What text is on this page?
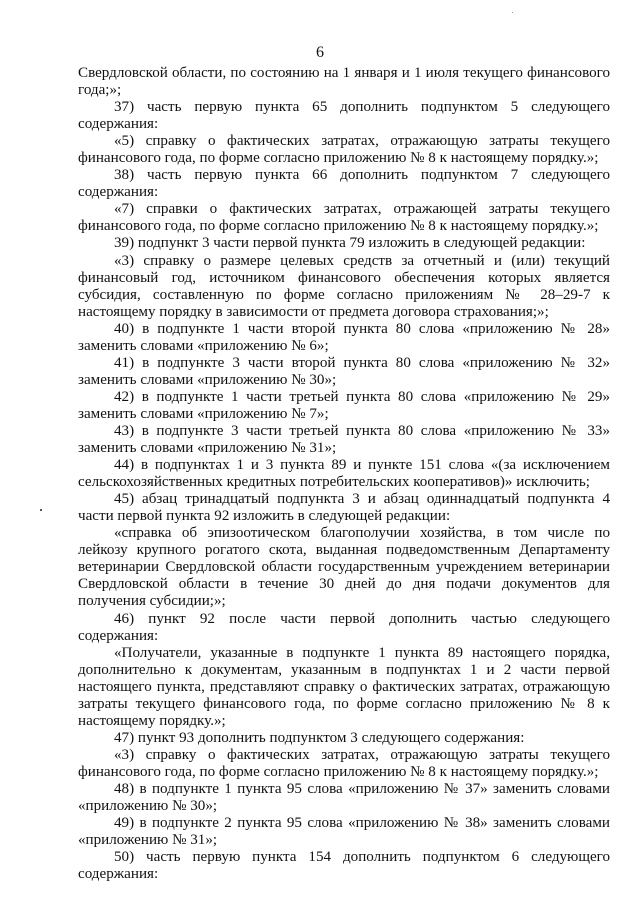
6

Свердловской области, по состоянию на 1 января и 1 июля текущего финансового года;»;

37) часть первую пункта 65 дополнить подпунктом 5 следующего содержания:

«5) справку о фактических затратах, отражающую затраты текущего финансового года, по форме согласно приложению № 8 к настоящему порядку.»;

38) часть первую пункта 66 дополнить подпунктом 7 следующего содержания:

«7) справки о фактических затратах, отражающей затраты текущего финансового года, по форме согласно приложению № 8 к настоящему порядку.»;

39) подпункт 3 части первой пункта 79 изложить в следующей редакции:

«3) справку о размере целевых средств за отчетный и (или) текущий финансовый год, источником финансового обеспечения которых является субсидия, составленную по форме согласно приложениям № 28–29-7 к настоящему порядку в зависимости от предмета договора страхования;»;

40) в подпункте 1 части второй пункта 80 слова «приложению № 28» заменить словами «приложению № 6»;

41) в подпункте 3 части второй пункта 80 слова «приложению № 32» заменить словами «приложению № 30»;

42) в подпункте 1 части третьей пункта 80 слова «приложению № 29» заменить словами «приложению № 7»;

43) в подпункте 3 части третьей пункта 80 слова «приложению № 33» заменить словами «приложению № 31»;

44) в подпунктах 1 и 3 пункта 89 и пункте 151 слова «(за исключением сельскохозяйственных кредитных потребительских кооперативов)» исключить;

45) абзац тринадцатый подпункта 3 и абзац одиннадцатый подпункта 4 части первой пункта 92 изложить в следующей редакции:

«справка об эпизоотическом благополучии хозяйства, в том числе по лейкозу крупного рогатого скота, выданная подведомственным Департаменту ветеринарии Свердловской области государственным учреждением ветеринарии Свердловской области в течение 30 дней до дня подачи документов для получения субсидии;»;

46) пункт 92 после части первой дополнить частью следующего содержания:

«Получатели, указанные в подпункте 1 пункта 89 настоящего порядка, дополнительно к документам, указанным в подпунктах 1 и 2 части первой настоящего пункта, представляют справку о фактических затратах, отражающую затраты текущего финансового года, по форме согласно приложению № 8 к настоящему порядку.»;

47) пункт 93 дополнить подпунктом 3 следующего содержания:

«3) справку о фактических затратах, отражающую затраты текущего финансового года, по форме согласно приложению № 8 к настоящему порядку.»;

48) в подпункте 1 пункта 95 слова «приложению № 37» заменить словами «приложению № 30»;

49) в подпункте 2 пункта 95 слова «приложению № 38» заменить словами «приложению № 31»;

50) часть первую пункта 154 дополнить подпунктом 6 следующего содержания:
